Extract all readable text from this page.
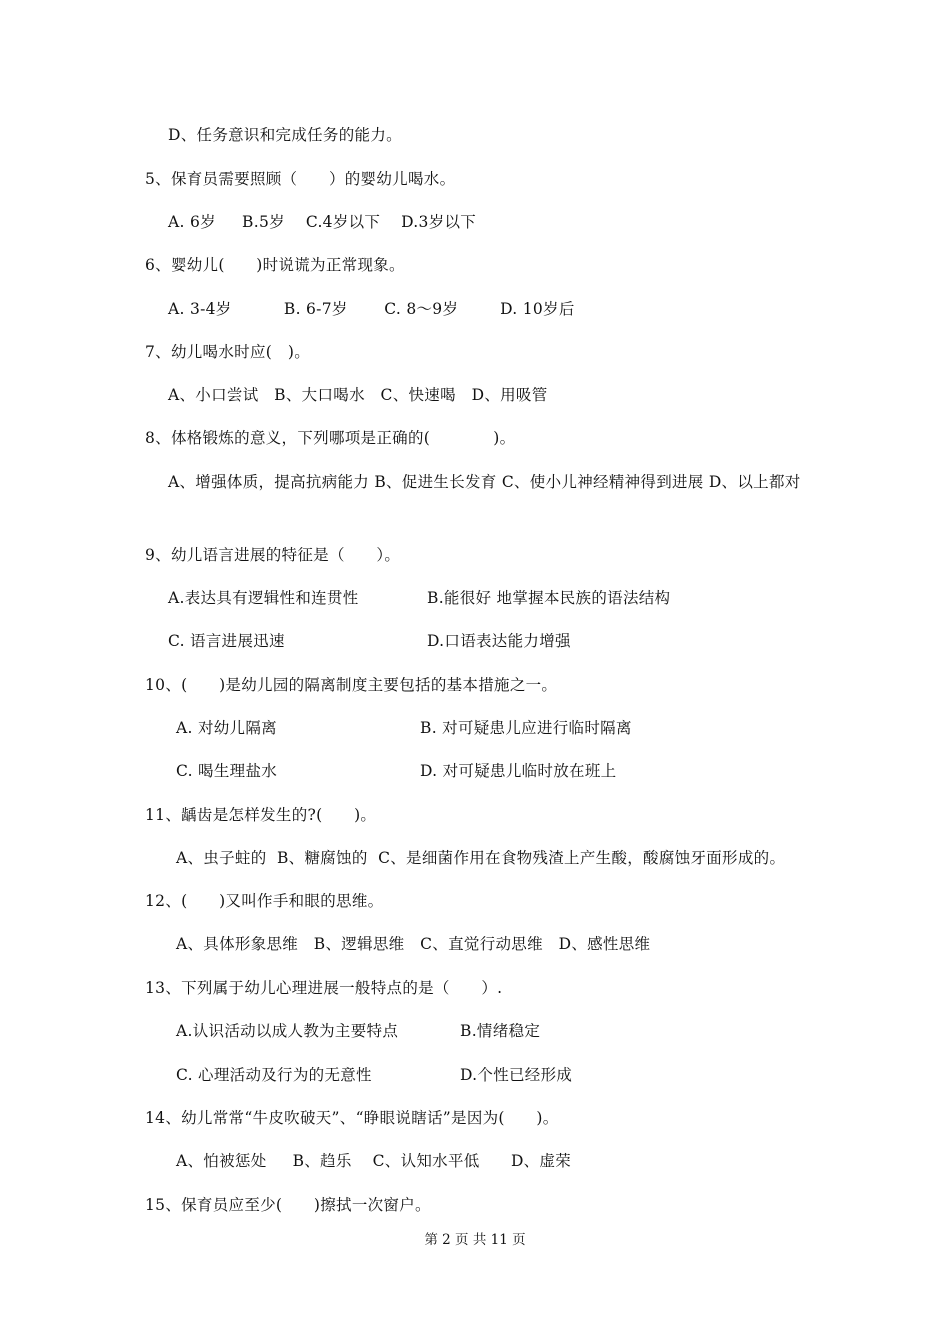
D、任务意识和完成任务的能力。
5、保育员需要照顾（　　）的婴幼儿喝水。
A. 6岁     B.5岁    C.4岁以下    D.3岁以下
6、婴幼儿(　　)时说谎为正常现象。
A. 3-4岁          B. 6-7岁       C. 8～9岁        D. 10岁后
7、幼儿喝水时应(　)。
A、小口尝试   B、大口喝水   C、快速喝   D、用吸管
8、体格锻炼的意义，下列哪项是正确的(　　　　)。
A、增强体质，提高抗病能力 B、促进生长发育 C、使小儿神经精神得到进展 D、以上都对
9、幼儿语言进展的特征是（　　）。
A.表达具有逻辑性和连贯性	B.能很好 地掌握本民族的语法结构
C. 语言进展迅速	D.口语表达能力增强
10、(　　)是幼儿园的隔离制度主要包括的基本措施之一。
A. 对幼儿隔离	B. 对可疑患儿应进行临时隔离
C. 喝生理盐水	D. 对可疑患儿临时放在班上
11、龋齿是怎样发生的?(　　)。
A、虫子蛀的  B、糖腐蚀的  C、是细菌作用在食物残渣上产生酸，酸腐蚀牙面形成的。
12、(　　)又叫作手和眼的思维。
A、具体形象思维   B、逻辑思维   C、直觉行动思维   D、感性思维
13、下列属于幼儿心理进展一般特点的是（　　）.
A.认识活动以成人教为主要特点	B.情绪稳定
C. 心理活动及行为的无意性	D.个性已经形成
14、幼儿常常“牛皮吹破天”、“睁眼说瞎话”是因为(　　)。
A、怕被惩处     B、趋乐    C、认知水平低      D、虚荣
15、保育员应至少(　　)擦拭一次窗户。
第 2 页 共 11 页
